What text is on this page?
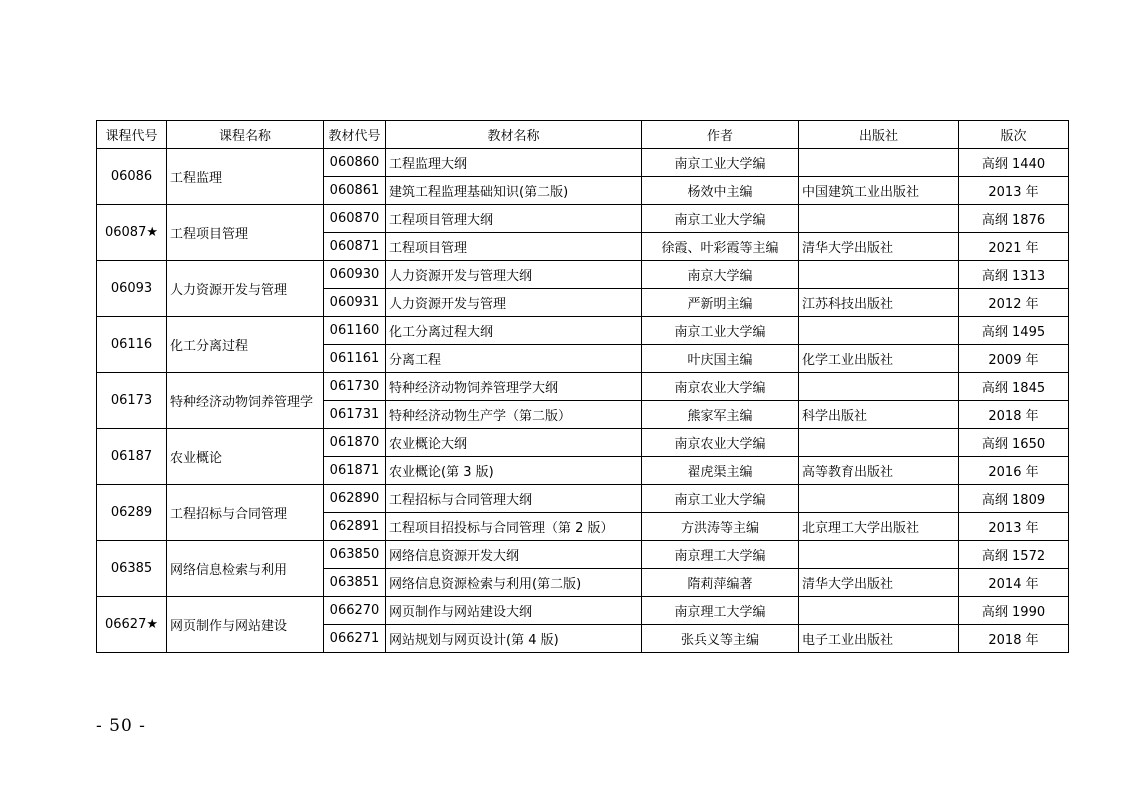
课程代号	课程名称	教材代号	教材名称	作者	出版社	版次
06086	工程监理	060860	工程监理大纲	南京工业大学编		高纲 1440
		060861	建筑工程监理基础知识(第二版)	杨效中主编	中国建筑工业出版社	2013 年
06087★	工程项目管理	060870	工程项目管理大纲	南京工业大学编		高纲 1876
		060871	工程项目管理	徐霞、叶彩霞等主编	清华大学出版社	2021 年
06093	人力资源开发与管理	060930	人力资源开发与管理大纲	南京大学编		高纲 1313
		060931	人力资源开发与管理	严新明主编	江苏科技出版社	2012 年
06116	化工分离过程	061160	化工分离过程大纲	南京工业大学编		高纲 1495
		061161	分离工程	叶庆国主编	化学工业出版社	2009 年
06173	特种经济动物饲养管理学	061730	特种经济动物饲养管理学大纲	南京农业大学编		高纲 1845
		061731	特种经济动物生产学（第二版）	熊家军主编	科学出版社	2018 年
06187	农业概论	061870	农业概论大纲	南京农业大学编		高纲 1650
		061871	农业概论(第 3 版)	翟虎渠主编	高等教育出版社	2016 年
06289	工程招标与合同管理	062890	工程招标与合同管理大纲	南京工业大学编		高纲 1809
		062891	工程项目招投标与合同管理（第 2 版）	方洪涛等主编	北京理工大学出版社	2013 年
06385	网络信息检索与利用	063850	网络信息资源开发大纲	南京理工大学编		高纲 1572
		063851	网络信息资源检索与利用(第二版)	隋莉萍编著	清华大学出版社	2014 年
06627★	网页制作与网站建设	066270	网页制作与网站建设大纲	南京理工大学编		高纲 1990
		066271	网站规划与网页设计(第 4 版)	张兵义等主编	电子工业出版社	2018 年
- 50 -
